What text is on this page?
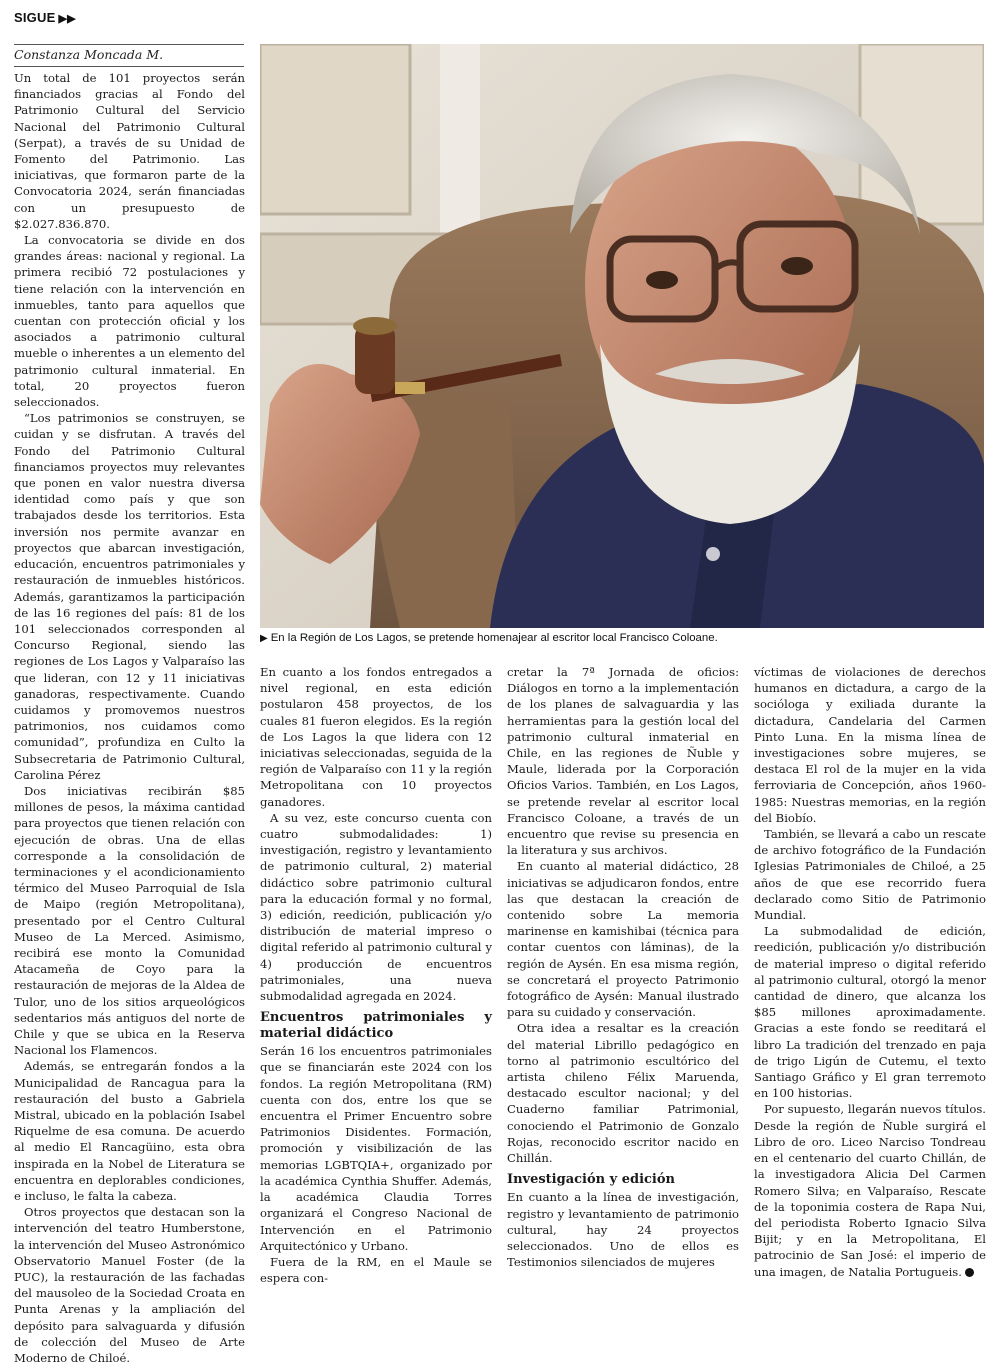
SIGUE ▶▶
Constanza Moncada M.

Un total de 101 proyectos serán financiados gracias al Fondo del Patrimonio Cultural del Servicio Nacional del Patrimonio Cultural (Serpat), a través de su Unidad de Fomento del Patrimonio. Las iniciativas, que formaron parte de la Convocatoria 2024, serán financiadas con un presupuesto de $2.027.836.870.

La convocatoria se divide en dos grandes áreas: nacional y regional. La primera recibió 72 postulaciones y tiene relación con la intervención en inmuebles, tanto para aquellos que cuentan con protección oficial y los asociados a patrimonio cultural mueble o inherentes a un elemento del patrimonio cultural inmaterial. En total, 20 proyectos fueron seleccionados.

“Los patrimonios se construyen, se cuidan y se disfrutan. A través del Fondo del Patrimonio Cultural financiamos proyectos muy relevantes que ponen en valor nuestra diversa identidad como país y que son trabajados desde los territorios. Esta inversión nos permite avanzar en proyectos que abarcan investigación, educación, encuentros patrimoniales y restauración de inmuebles históricos. Además, garantizamos la participación de las 16 regiones del país: 81 de los 101 seleccionados corresponden al Concurso Regional, siendo las regiones de Los Lagos y Valparaíso las que lideran, con 12 y 11 iniciativas ganadoras, respectivamente. Cuando cuidamos y promovemos nuestros patrimonios, nos cuidamos como comunidad”, profundiza en Culto la Subsecretaria de Patrimonio Cultural, Carolina Pérez

Dos iniciativas recibirán $85 millones de pesos, la máxima cantidad para proyectos que tienen relación con ejecución de obras. Una de ellas corresponde a la consolidación de terminaciones y el acondicionamiento térmico del Museo Parroquial de Isla de Maipo (región Metropolitana), presentado por el Centro Cultural Museo de La Merced. Asimismo, recibirá ese monto la Comunidad Atacameña de Coyo para la restauración de mejoras de la Aldea de Tulor, uno de los sitios arqueológicos sedentarios más antiguos del norte de Chile y que se ubica en la Reserva Nacional los Flamencos.

Además, se entregarán fondos a la Municipalidad de Rancagua para la restauración del busto a Gabriela Mistral, ubicado en la población Isabel Riquelme de esa comuna. De acuerdo al medio El Rancagüino, esta obra inspirada en la Nobel de Literatura se encuentra en deplorables condiciones, e incluso, le falta la cabeza.

Otros proyectos que destacan son la intervención del teatro Humberstone, la intervención del Museo Astronómico Observatorio Manuel Foster (de la PUC), la restauración de las fachadas del mausoleo de la Sociedad Croata en Punta Arenas y la ampliación del depósito para salvaguarda y difusión de colección del Museo de Arte Moderno de Chiloé.

▶ En la Región de Los Lagos, se pretende homenajear al escritor local Francisco Coloane.

En cuanto a los fondos entregados a nivel regional, en esta edición postularon 458 proyectos, de los cuales 81 fueron elegidos. Es la región de Los Lagos la que lidera con 12 iniciativas seleccionadas, seguida de la región de Valparaíso con 11 y la región Metropolitana con 10 proyectos ganadores.

A su vez, este concurso cuenta con cuatro submodalidades: 1) investigación, registro y levantamiento de patrimonio cultural, 2) material didáctico sobre patrimonio cultural para la educación formal y no formal, 3) edición, reedición, publicación y/o distribución de material impreso o digital referido al patrimonio cultural y 4) producción de encuentros patrimoniales, una nueva submodalidad agregada en 2024.

Encuentros patrimoniales y material didáctico

Serán 16 los encuentros patrimoniales que se financiarán este 2024 con los fondos. La región Metropolitana (RM) cuenta con dos, entre los que se encuentra el Primer Encuentro sobre Patrimonios Disidentes. Formación, promoción y visibilización de las memorias LGBTQIA+, organizado por la académica Cynthia Shuffer. Además, la académica Claudia Torres organizará el Congreso Nacional de Intervención en el Patrimonio Arquitectónico y Urbano.

Fuera de la RM, en el Maule se espera con-

cretar la 7ª Jornada de oficios: Diálogos en torno a la implementación de los planes de salvaguardia y las herramientas para la gestión local del patrimonio cultural inmaterial en Chile, en las regiones de Ñuble y Maule, liderada por la Corporación Oficios Varios. También, en Los Lagos, se pretende revelar al escritor local Francisco Coloane, a través de un encuentro que revise su presencia en la literatura y sus archivos.

En cuanto al material didáctico, 28 iniciativas se adjudicaron fondos, entre las que destacan la creación de contenido sobre La memoria marinense en kamishibai (técnica para contar cuentos con láminas), de la región de Aysén. En esa misma región, se concretará el proyecto Patrimonio fotográfico de Aysén: Manual ilustrado para su cuidado y conservación.

Otra idea a resaltar es la creación del material Librillo pedagógico en torno al patrimonio escultórico del artista chileno Félix Maruenda, destacado escultor nacional; y del Cuaderno familiar Patrimonial, conociendo el Patrimonio de Gonzalo Rojas, reconocido escritor nacido en Chillán.

Investigación y edición

En cuanto a la línea de investigación, registro y levantamiento de patrimonio cultural, hay 24 proyectos seleccionados. Uno de ellos es Testimonios silenciados de mujeres

víctimas de violaciones de derechos humanos en dictadura, a cargo de la socióloga y exiliada durante la dictadura, Candelaria del Carmen Pinto Luna. En la misma línea de investigaciones sobre mujeres, se destaca El rol de la mujer en la vida ferroviaria de Concepción, años 1960-1985: Nuestras memorias, en la región del Biobío.

También, se llevará a cabo un rescate de archivo fotográfico de la Fundación Iglesias Patrimoniales de Chiloé, a 25 años de que ese recorrido fuera declarado como Sitio de Patrimonio Mundial.

La submodalidad de edición, reedición, publicación y/o distribución de material impreso o digital referido al patrimonio cultural, otorgó la menor cantidad de dinero, que alcanza los $85 millones aproximadamente. Gracias a este fondo se reeditará el libro La tradición del trenzado en paja de trigo Ligún de Cutemu, el texto Santiago Gráfico y El gran terremoto en 100 historias.

Por supuesto, llegarán nuevos títulos. Desde la región de Ñuble surgirá el Libro de oro. Liceo Narciso Tondreau en el centenario del cuarto Chillán, de la investigadora Alicia Del Carmen Romero Silva; en Valparaíso, Rescate de la toponimia costera de Rapa Nui, del periodista Roberto Ignacio Silva Bijit; y en la Metropolitana, El patrocinio de San José: el imperio de una imagen, de Natalia Portugueis.
